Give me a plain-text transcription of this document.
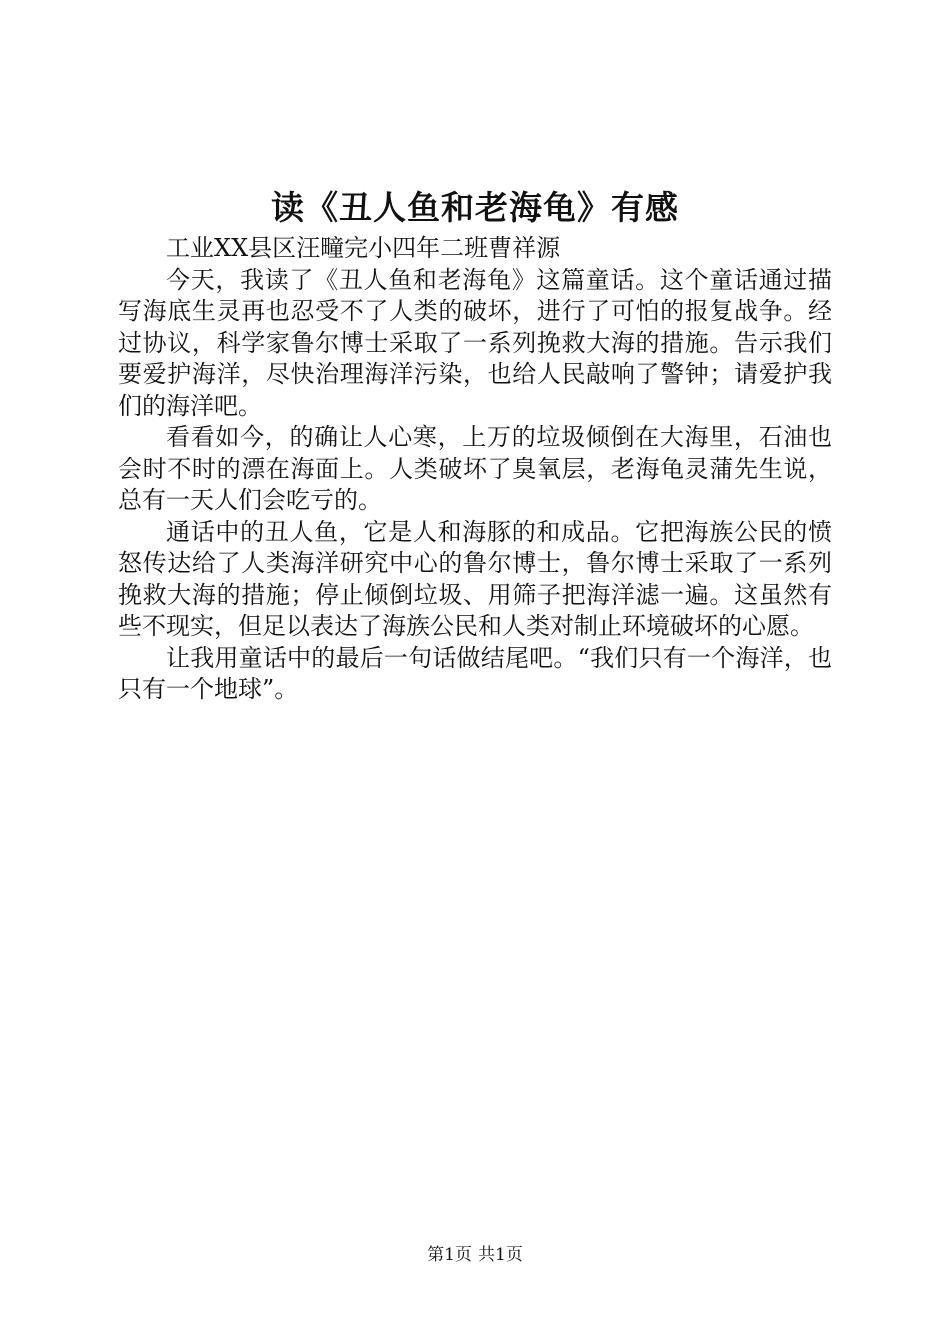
读《丑人鱼和老海龟》有感

工业XX县区汪疃完小四年二班曹祥源

今天，我读了《丑人鱼和老海龟》这篇童话。这个童话通过描写海底生灵再也忍受不了人类的破坏，进行了可怕的报复战争。经过协议，科学家鲁尔博士采取了一系列挽救大海的措施。告示我们要爱护海洋，尽快治理海洋污染，也给人民敲响了警钟；请爱护我们的海洋吧。

看看如今，的确让人心寒，上万的垃圾倾倒在大海里，石油也会时不时的漂在海面上。人类破坏了臭氧层，老海龟灵蒲先生说，总有一天人们会吃亏的。

通话中的丑人鱼，它是人和海豚的和成品。它把海族公民的愤怒传达给了人类海洋研究中心的鲁尔博士，鲁尔博士采取了一系列挽救大海的措施；停止倾倒垃圾、用筛子把海洋滤一遍。这虽然有些不现实，但足以表达了海族公民和人类对制止环境破坏的心愿。

让我用童话中的最后一句话做结尾吧。“我们只有一个海洋，也只有一个地球”。

第1页 共1页
